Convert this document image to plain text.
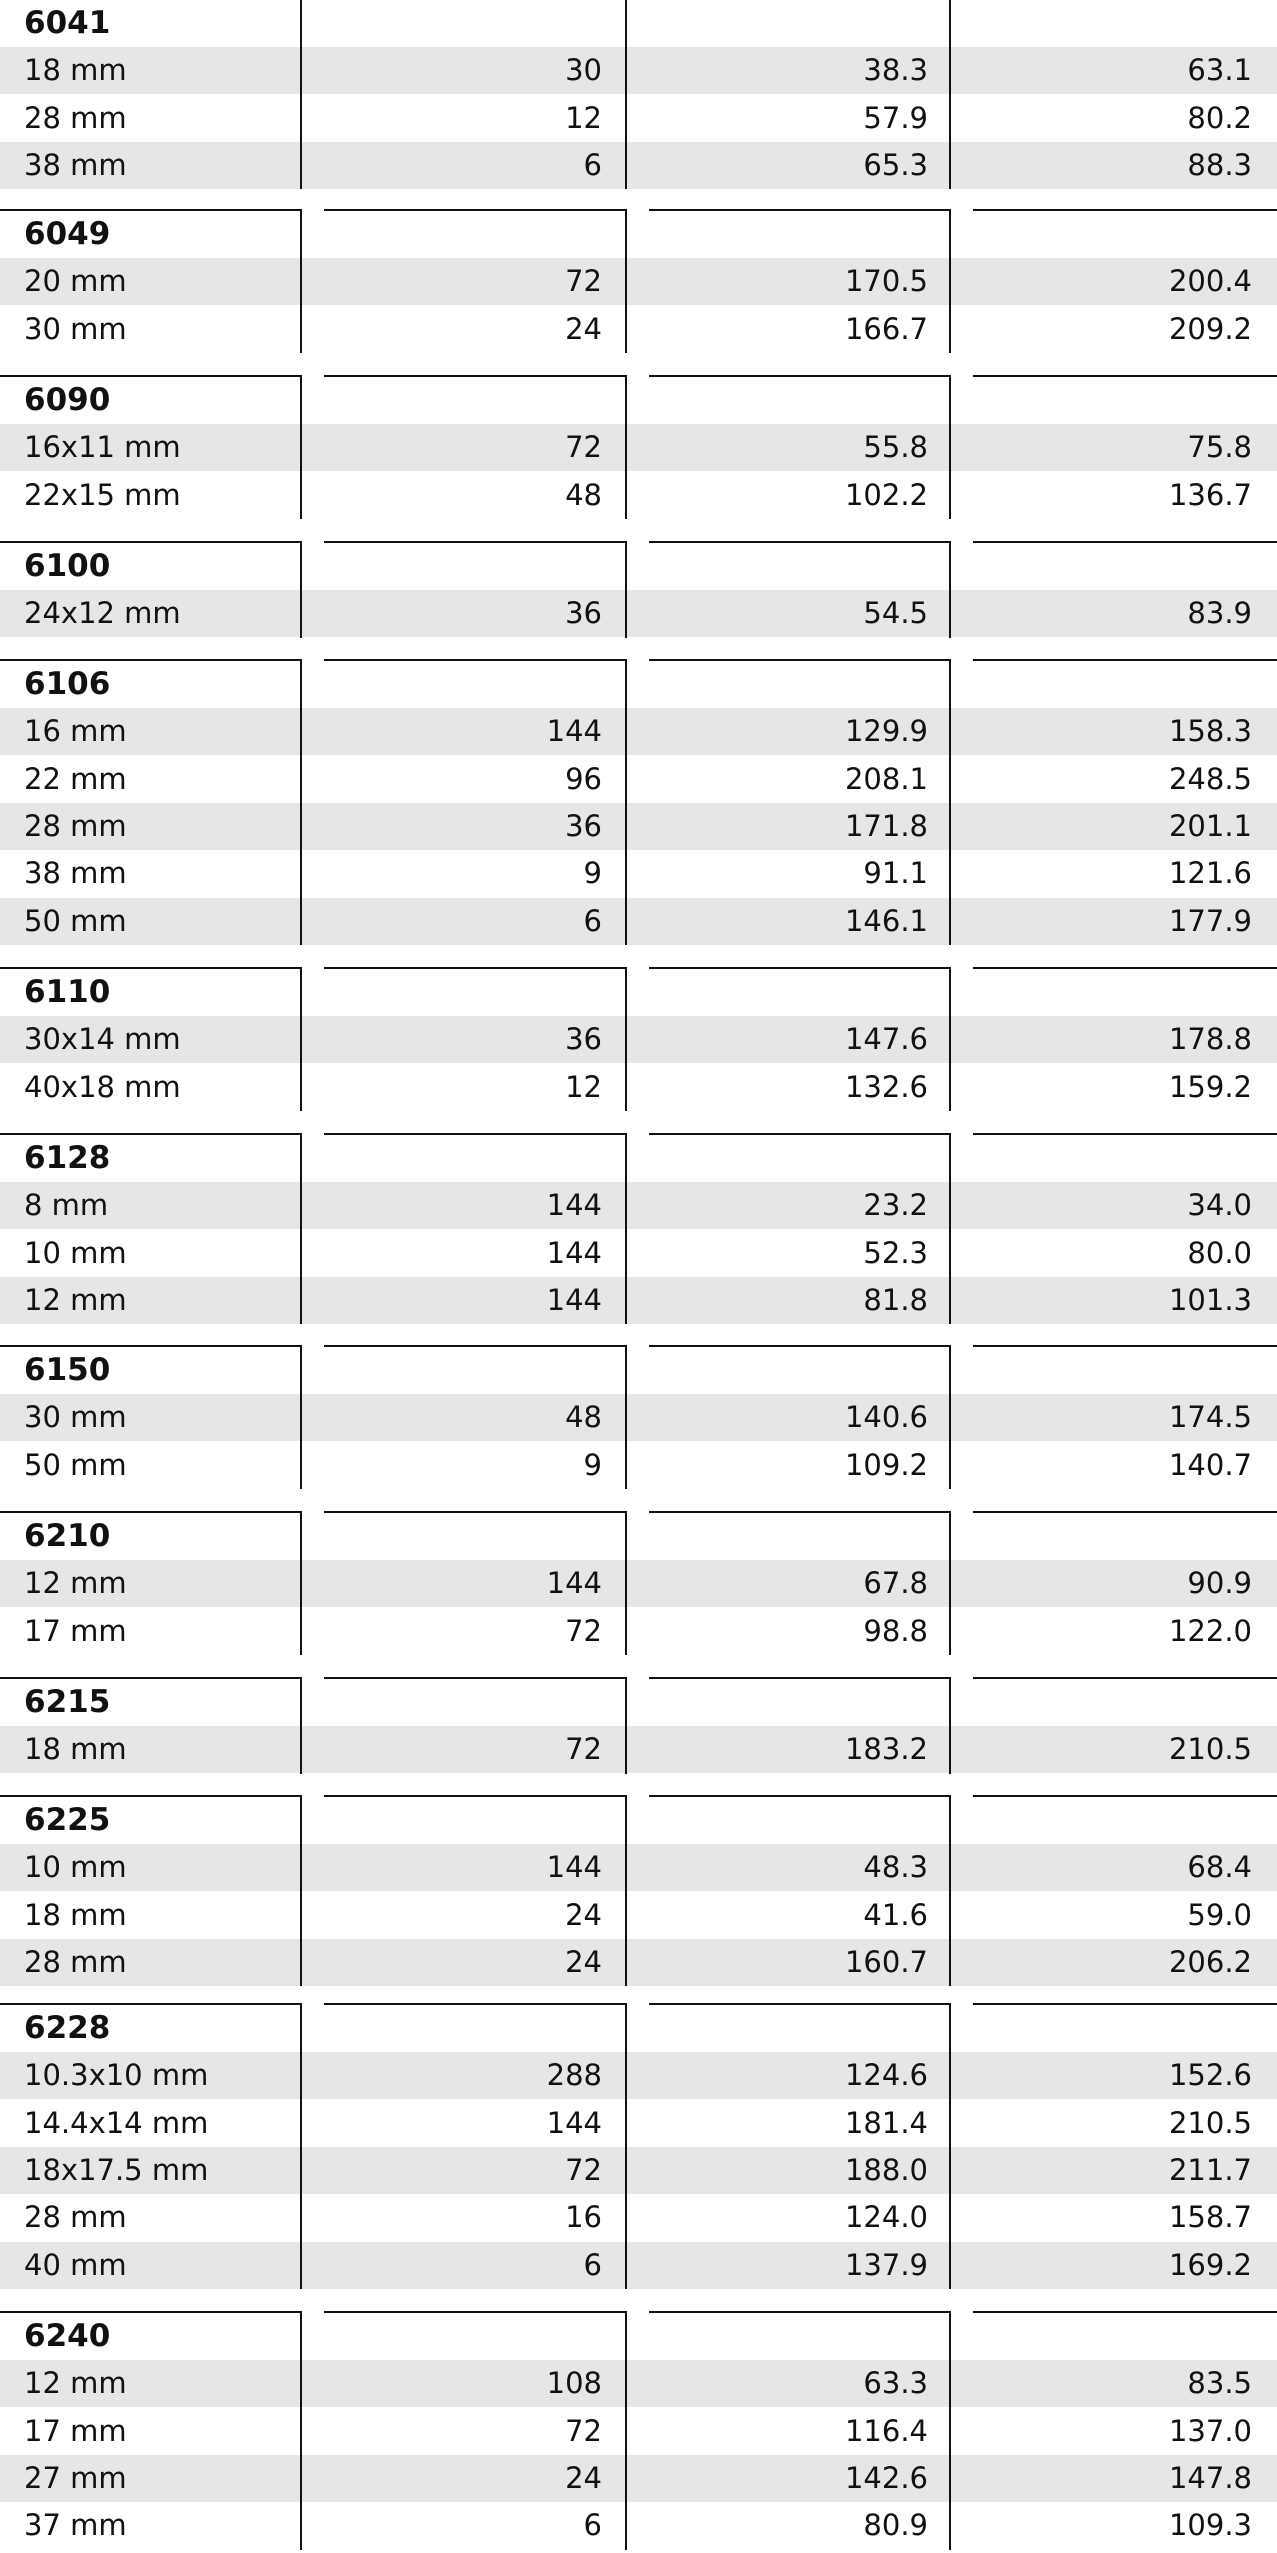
6041
18 mm	30	38.3	63.1
28 mm	12	57.9	80.2
38 mm	6	65.3	88.3
6049
20 mm	72	170.5	200.4
30 mm	24	166.7	209.2
6090
16x11 mm	72	55.8	75.8
22x15 mm	48	102.2	136.7
6100
24x12 mm	36	54.5	83.9
6106
16 mm	144	129.9	158.3
22 mm	96	208.1	248.5
28 mm	36	171.8	201.1
38 mm	9	91.1	121.6
50 mm	6	146.1	177.9
6110
30x14 mm	36	147.6	178.8
40x18 mm	12	132.6	159.2
6128
8 mm	144	23.2	34.0
10 mm	144	52.3	80.0
12 mm	144	81.8	101.3
6150
30 mm	48	140.6	174.5
50 mm	9	109.2	140.7
6210
12 mm	144	67.8	90.9
17 mm	72	98.8	122.0
6215
18 mm	72	183.2	210.5
6225
10 mm	144	48.3	68.4
18 mm	24	41.6	59.0
28 mm	24	160.7	206.2
6228
10.3x10 mm	288	124.6	152.6
14.4x14 mm	144	181.4	210.5
18x17.5 mm	72	188.0	211.7
28 mm	16	124.0	158.7
40 mm	6	137.9	169.2
6240
12 mm	108	63.3	83.5
17 mm	72	116.4	137.0
27 mm	24	142.6	147.8
37 mm	6	80.9	109.3
